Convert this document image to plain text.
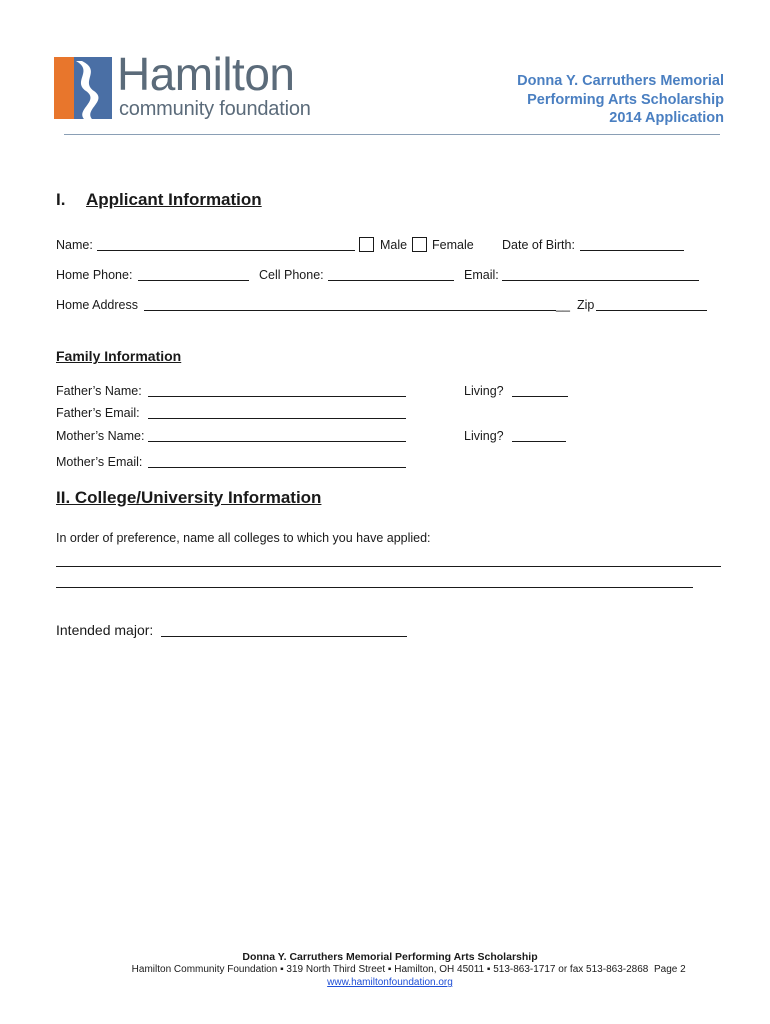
Hamilton
community foundation
Donna Y. Carruthers Memorial
Performing Arts Scholarship
2014 Application
I. Applicant Information
Name:	Male Female Date of Birth:
Home Phone:	Cell Phone:	Email:
Home Address	__ Zip
Family Information
Father’s Name:	Living?
Father’s Email:
Mother’s Name:	Living?
Mother’s Email:
II. College/University Information
In order of preference, name all colleges to which you have applied:
Intended major:
Donna Y. Carruthers Memorial Performing Arts Scholarship
Hamilton Community Foundation ▪ 319 North Third Street ▪ Hamilton, OH 45011 ▪ 513-863-1717 or fax 513-863-2868
www.hamiltonfoundation.org
Page 2
